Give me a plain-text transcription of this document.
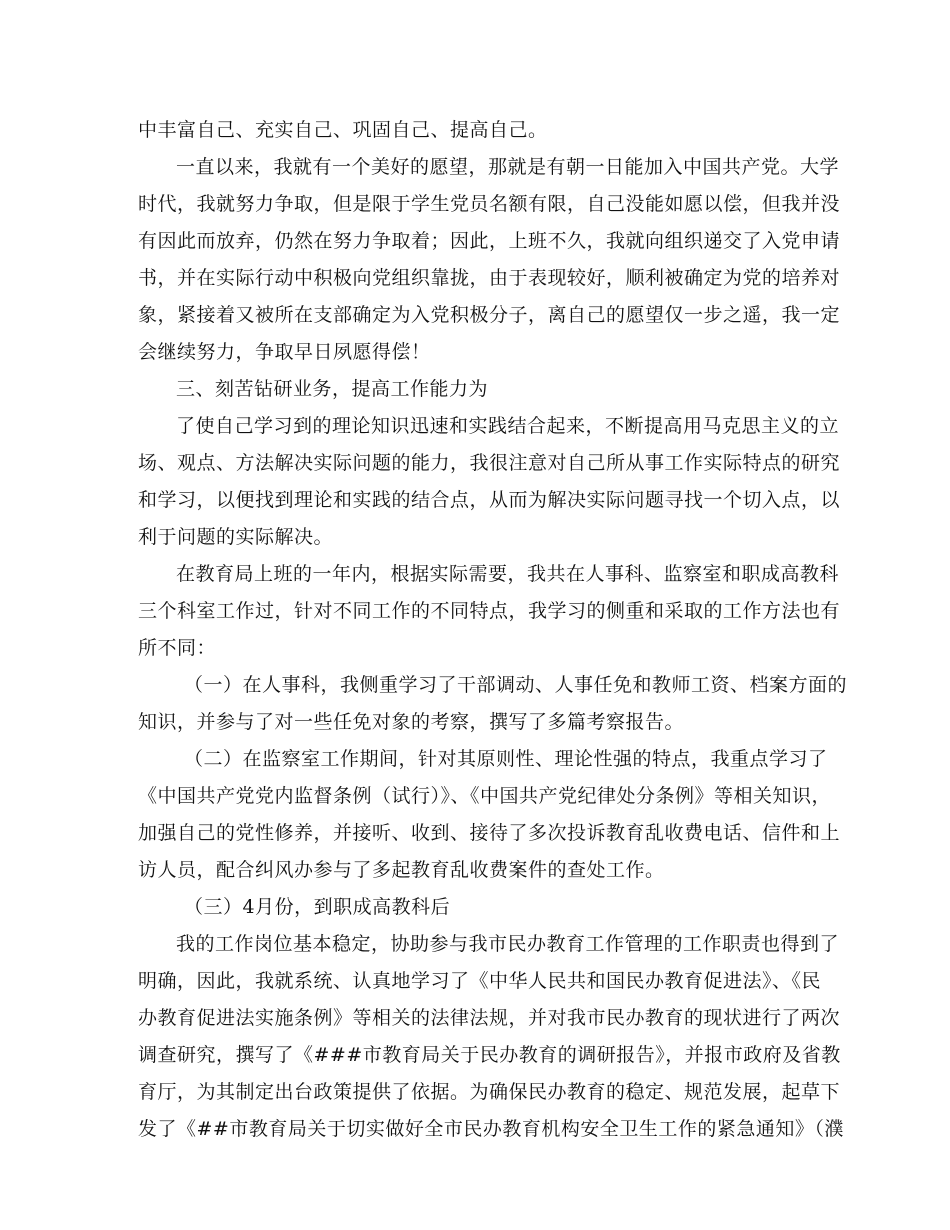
中丰富自己、充实自己、巩固自己、提高自己。
一直以来，我就有一个美好的愿望，那就是有朝一日能加入中国共产党。大学
时代，我就努力争取，但是限于学生党员名额有限，自己没能如愿以偿，但我并没
有因此而放弃，仍然在努力争取着；因此，上班不久，我就向组织递交了入党申请
书，并在实际行动中积极向党组织靠拢，由于表现较好，顺利被确定为党的培养对
象，紧接着又被所在支部确定为入党积极分子，离自己的愿望仅一步之遥，我一定
会继续努力，争取早日夙愿得偿！
三、刻苦钻研业务，提高工作能力为
了使自己学习到的理论知识迅速和实践结合起来，不断提高用马克思主义的立
场、观点、方法解决实际问题的能力，我很注意对自己所从事工作实际特点的研究
和学习，以便找到理论和实践的结合点，从而为解决实际问题寻找一个切入点，以
利于问题的实际解决。
在教育局上班的一年内，根据实际需要，我共在人事科、监察室和职成高教科
三个科室工作过，针对不同工作的不同特点，我学习的侧重和采取的工作方法也有
所不同：
（一）在人事科，我侧重学习了干部调动、人事任免和教师工资、档案方面的
知识，并参与了对一些任免对象的考察，撰写了多篇考察报告。
（二）在监察室工作期间，针对其原则性、理论性强的特点，我重点学习了
《中国共产党党内监督条例（试行）》、《中国共产党纪律处分条例》等相关知识，
加强自己的党性修养，并接听、收到、接待了多次投诉教育乱收费电话、信件和上
访人员，配合纠风办参与了多起教育乱收费案件的查处工作。
（三）4月份，到职成高教科后
我的工作岗位基本稳定，协助参与我市民办教育工作管理的工作职责也得到了
明确，因此，我就系统、认真地学习了《中华人民共和国民办教育促进法》、《民
办教育促进法实施条例》等相关的法律法规，并对我市民办教育的现状进行了两次
调查研究，撰写了《###市教育局关于民办教育的调研报告》，并报市政府及省教
育厅，为其制定出台政策提供了依据。为确保民办教育的稳定、规范发展，起草下
发了《##市教育局关于切实做好全市民办教育机构安全卫生工作的紧急通知》（濮
